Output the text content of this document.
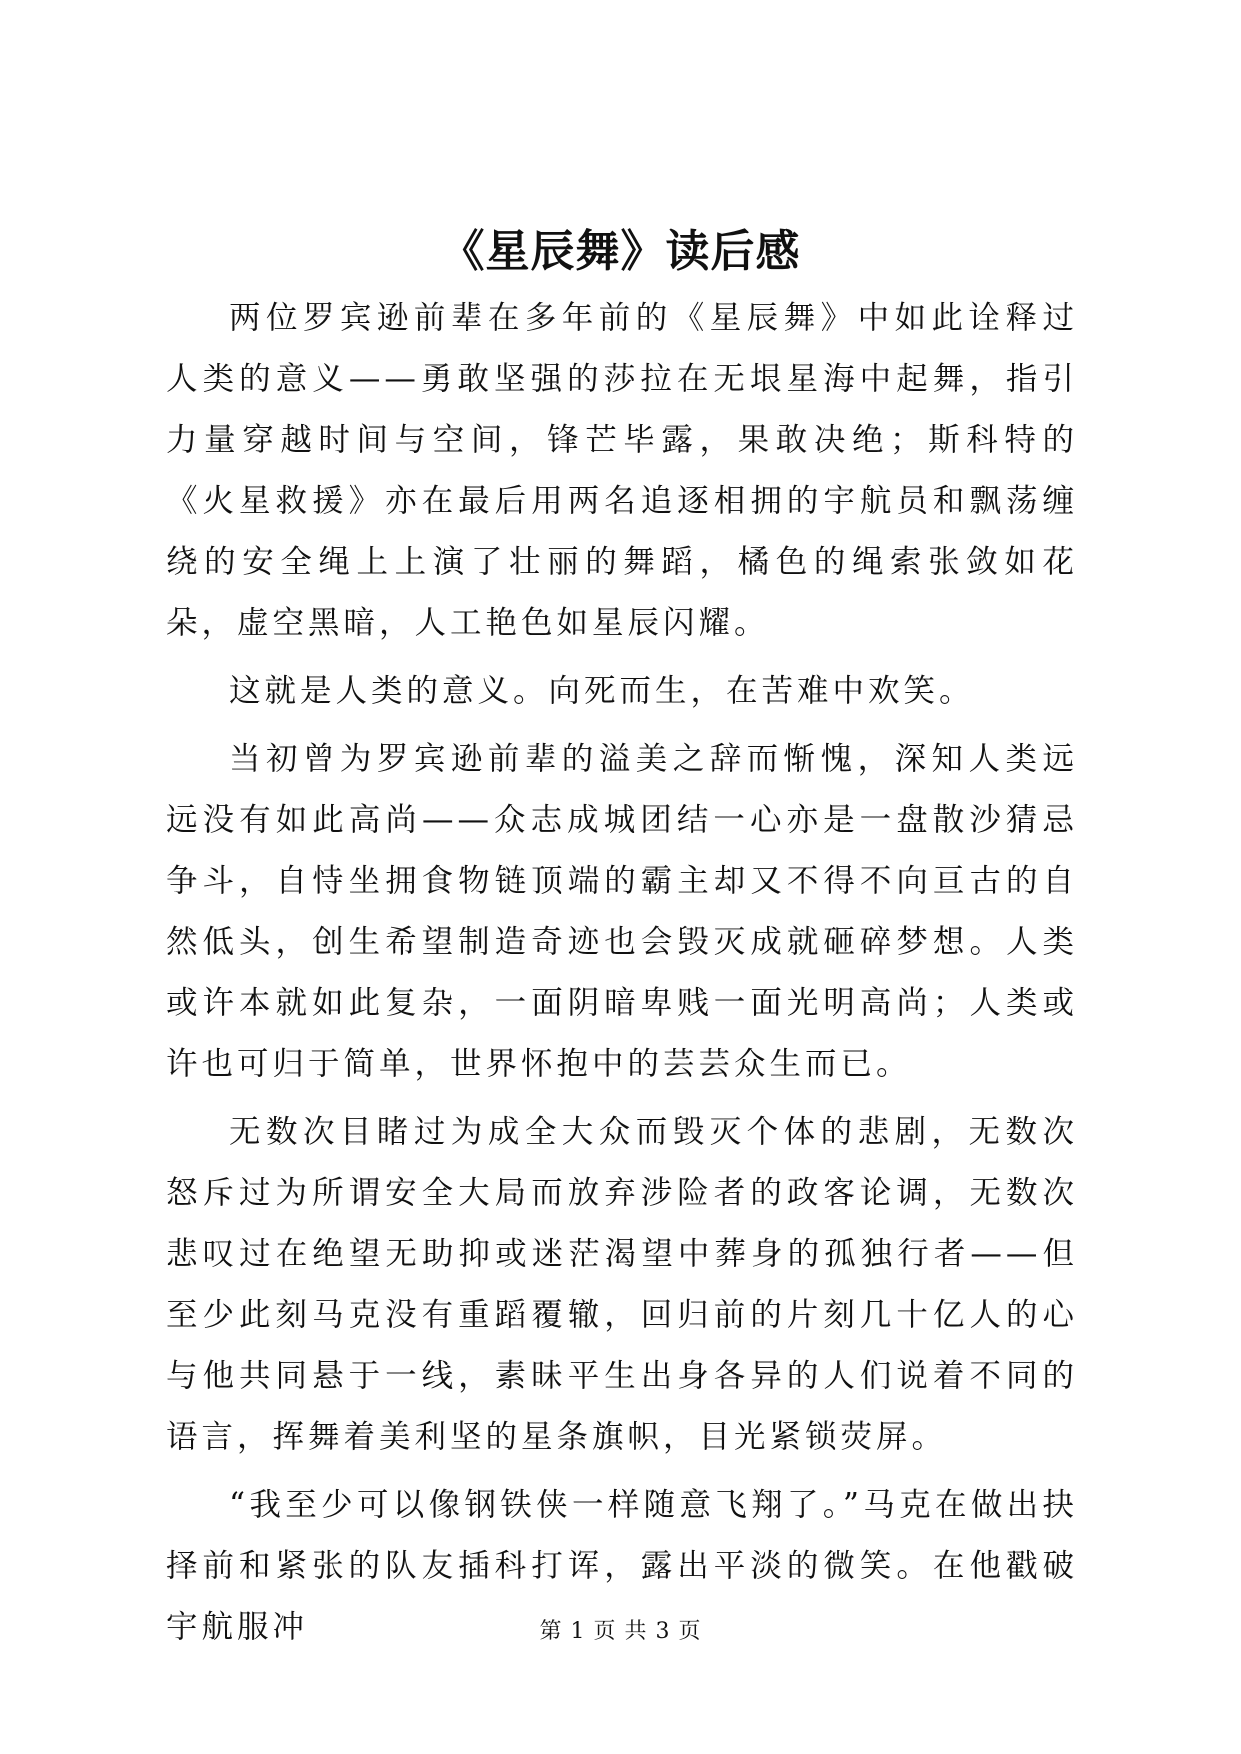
《星辰舞》读后感

两位罗宾逊前辈在多年前的《星辰舞》中如此诠释过人类的意义——勇敢坚强的莎拉在无垠星海中起舞，指引力量穿越时间与空间，锋芒毕露，果敢决绝；斯科特的《火星救援》亦在最后用两名追逐相拥的宇航员和飘荡缠绕的安全绳上上演了壮丽的舞蹈，橘色的绳索张敛如花朵，虚空黑暗，人工艳色如星辰闪耀。

这就是人类的意义。向死而生，在苦难中欢笑。

当初曾为罗宾逊前辈的溢美之辞而惭愧，深知人类远远没有如此高尚——众志成城团结一心亦是一盘散沙猜忌争斗，自恃坐拥食物链顶端的霸主却又不得不向亘古的自然低头，创生希望制造奇迹也会毁灭成就砸碎梦想。人类或许本就如此复杂，一面阴暗卑贱一面光明高尚；人类或许也可归于简单，世界怀抱中的芸芸众生而已。

无数次目睹过为成全大众而毁灭个体的悲剧，无数次怒斥过为所谓安全大局而放弃涉险者的政客论调，无数次悲叹过在绝望无助抑或迷茫渴望中葬身的孤独行者——但至少此刻马克没有重蹈覆辙，回归前的片刻几十亿人的心与他共同悬于一线，素昧平生出身各异的人们说着不同的语言，挥舞着美利坚的星条旗帜，目光紧锁荧屏。

“我至少可以像钢铁侠一样随意飞翔了。”马克在做出抉择前和紧张的队友插科打诨，露出平淡的微笑。在他戳破宇航服冲	第 1 页 共 3 页
